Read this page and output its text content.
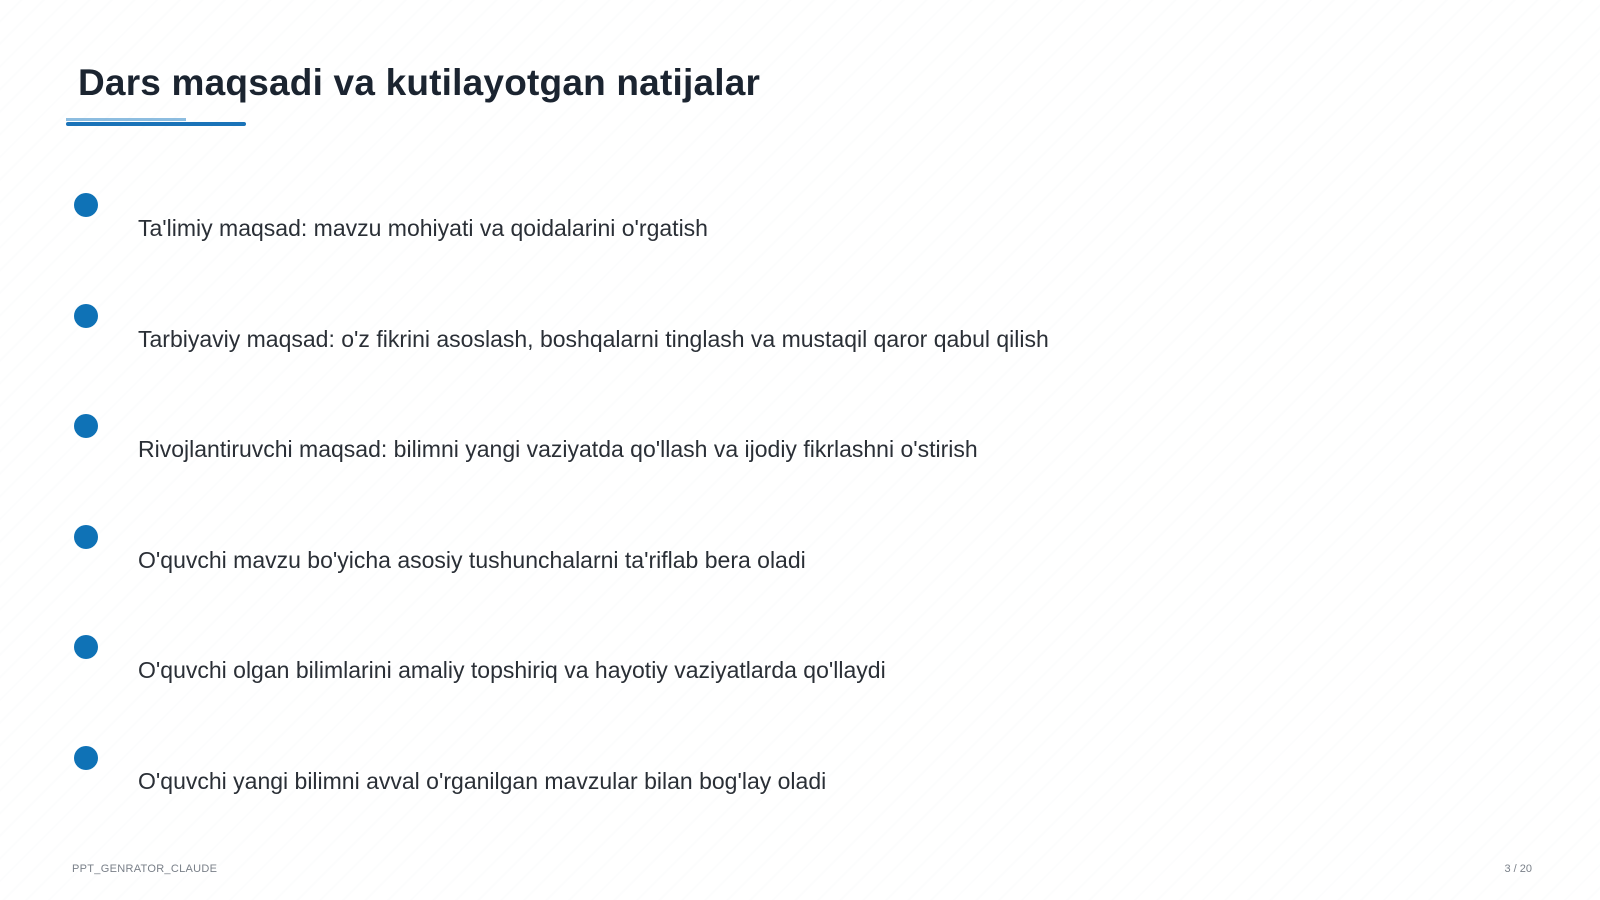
Dars maqsadi va kutilayotgan natijalar
Ta'limiy maqsad: mavzu mohiyati va qoidalarini o'rgatish
Tarbiyaviy maqsad: o'z fikrini asoslash, boshqalarni tinglash va mustaqil qaror qabul qilish
Rivojlantiruvchi maqsad: bilimni yangi vaziyatda qo'llash va ijodiy fikrlashni o'stirish
O'quvchi mavzu bo'yicha asosiy tushunchalarni ta'riflab bera oladi
O'quvchi olgan bilimlarini amaliy topshiriq va hayotiy vaziyatlarda qo'llaydi
O'quvchi yangi bilimni avval o'rganilgan mavzular bilan bog'lay oladi
PPT_GENRATOR_CLAUDE	3 / 20
